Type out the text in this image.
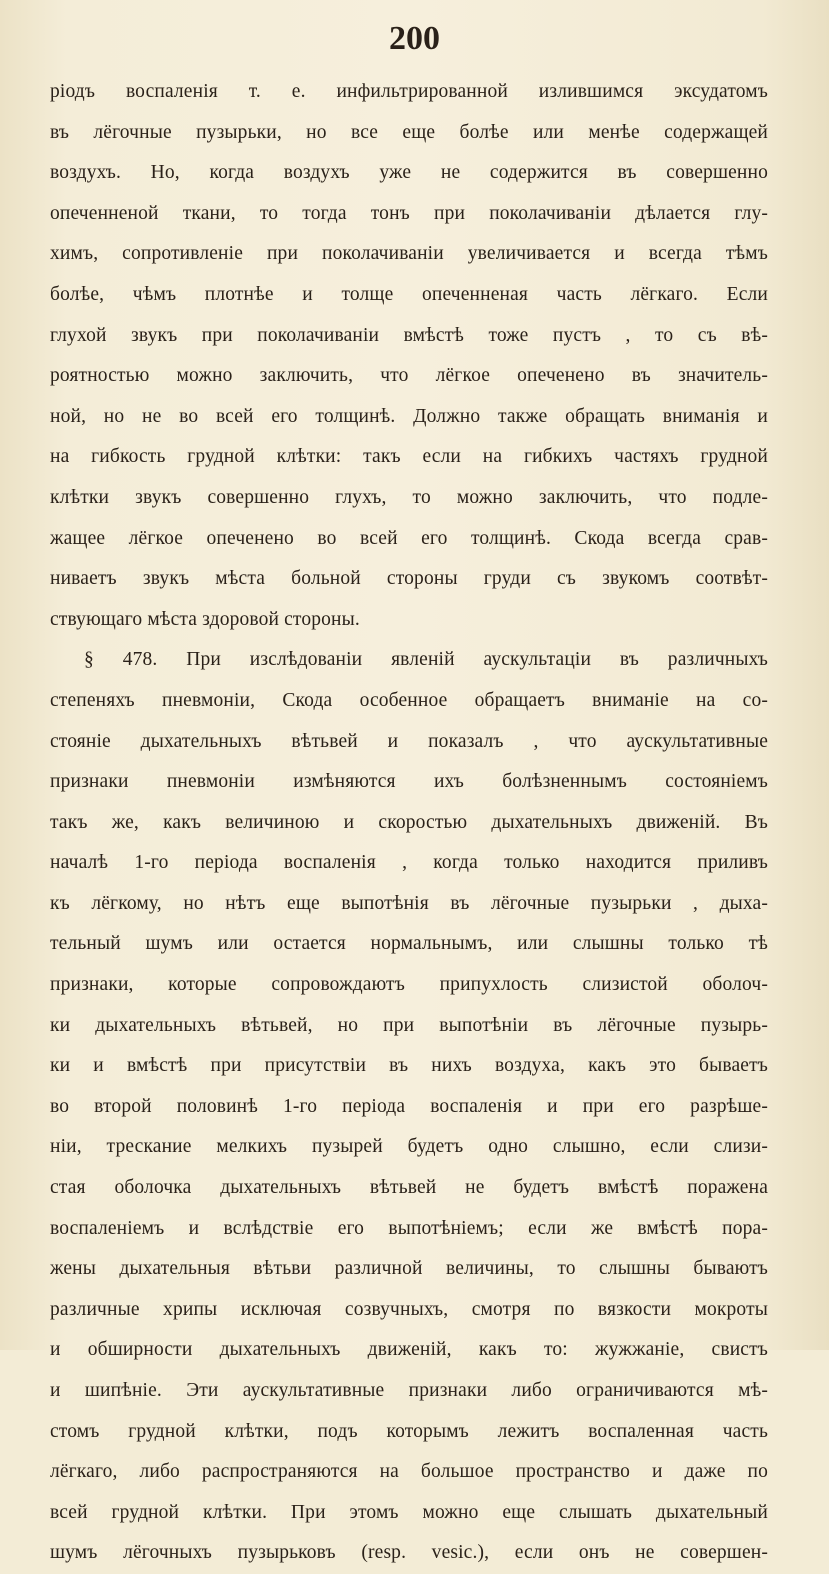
200
ріодъ воспаленія т. е. инфильтрированной излившимся эксудатомъ
въ лёгочные пузырьки, но все еще болѣе или менѣе содержащей
воздухъ. Но, когда воздухъ уже не содержится въ совершенно
опеченненой ткани, то тогда тонъ при поколачиваніи дѣлается глу-
химъ, сопротивленіе при поколачиваніи увеличивается и всегда тѣмъ
болѣе, чѣмъ плотнѣе и толще опеченненая часть лёгкаго. Если
глухой звукъ при поколачиваніи вмѣстѣ тоже пустъ , то съ вѣ-
роятностью можно заключить, что лёгкое опеченено въ значитель-
ной, но не во всей его толщинѣ. Должно также обращать вниманія и
на гибкость грудной клѣтки: такъ если на гибкихъ частяхъ грудной
клѣтки звукъ совершенно глухъ, то можно заключить, что подле-
жащее лёгкое опеченено во всей его толщинѣ. Скода всегда срав-
ниваетъ звукъ мѣста больной стороны груди съ звукомъ соотвѣт-
ствующаго мѣста здоровой стороны.
§ 478. При изслѣдованіи явленій аускультаціи въ различныхъ
степеняхъ пневмоніи, Скода особенное обращаетъ вниманіе на со-
стояніе дыхательныхъ вѣтьвей и показалъ , что аускультативные
признаки пневмоніи измѣняются ихъ болѣзненнымъ состояніемъ
такъ же, какъ величиною и скоростью дыхательныхъ движеній. Въ
началѣ 1-го періода воспаленія , когда только находится приливъ
къ лёгкому, но нѣтъ еще выпотѣнія въ лёгочные пузырьки , дыха-
тельный шумъ или остается нормальнымъ, или слышны только тѣ
признаки, которые сопровождаютъ припухлость слизистой оболоч-
ки дыхательныхъ вѣтьвей, но при выпотѣніи въ лёгочные пузырь-
ки и вмѣстѣ при присутствіи въ нихъ воздуха, какъ это бываетъ
во второй половинѣ 1-го періода воспаленія и при его разрѣше-
ніи, трескание мелкихъ пузырей будетъ одно слышно, если слизи-
стая оболочка дыхательныхъ вѣтьвей не будетъ вмѣстѣ поражена
воспаленіемъ и вслѣдствіе его выпотѣніемъ; если же вмѣстѣ пора-
жены дыхательныя вѣтьви различной величины, то слышны бываютъ
различные хрипы исключая созвучныхъ, смотря по вязкости мокроты
и обширности дыхательныхъ движеній, какъ то: жужжаніе, свистъ
и шипѣніе. Эти аускультативные признаки либо ограничиваются мѣ-
стомъ грудной клѣтки, подъ которымъ лежитъ воспаленная часть
лёгкаго, либо распространяются на большое пространство и даже по
всей грудной клѣтки. При этомъ можно еще слышать дыхательный
шумъ лёгочныхъ пузырьковъ (resp. vesic.), если онъ не совершен-
